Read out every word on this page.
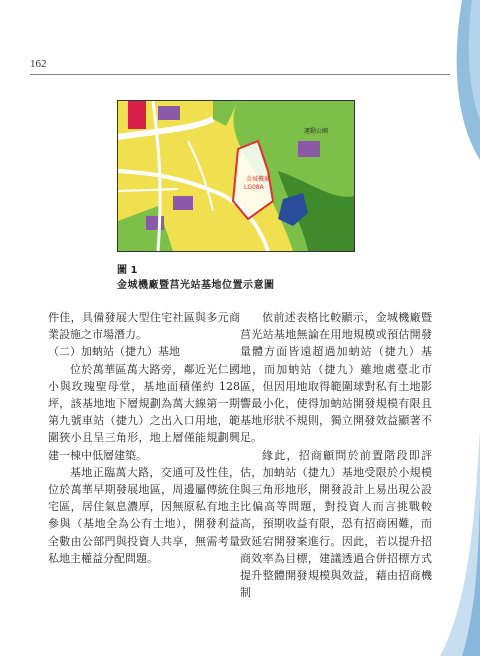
162
金城機廠
LG08A
運動公園
圖 1
金城機廠暨莒光站基地位置示意圖

件佳，具備發展大型住宅社區與多元商業設施之市場潛力。

（二）加蚋站（捷九）基地

位於萬華區萬大路旁，鄰近光仁國小與玫瑰聖母堂，基地面積僅約 128 坪，該基地地下層規劃為萬大線第一期第九號車站（捷九）之出入口用地，範圍狹小且呈三角形，地上層僅能規劃興建一棟中低層建築。

基地正臨萬大路，交通可及性佳，位於萬華早期發展地區，周邊屬傳統住宅區，居住氣息濃厚，因無原私有地主參與（基地全為公有土地），開發利益全數由公部門與投資人共享，無需考量私地主權益分配問題。

依前述表格比較顯示，金城機廠暨莒光站基地無論在用地規模或預估開發量體方面皆遠超過加蚋站（捷九）基地，而加蚋站（捷九）雖地處臺北市區，但因用地取得範圍球對私有土地影響最小化，使得加蚋站開發規模有限且基地形狀不規則，獨立開發效益顯著不足。

緣此，招商顧問於前置階段即評估，加蚋站（捷九）基地受限於小規模與三角形地形，開發設計上易出現公設比偏高等問題，對投資人而言挑戰較高，預期收益有限，恐有招商困難，而致延宕開發案進行。因此，若以提升招商效率為目標，建議透過合併招標方式提升整體開發規模與效益，藉由招商機制
